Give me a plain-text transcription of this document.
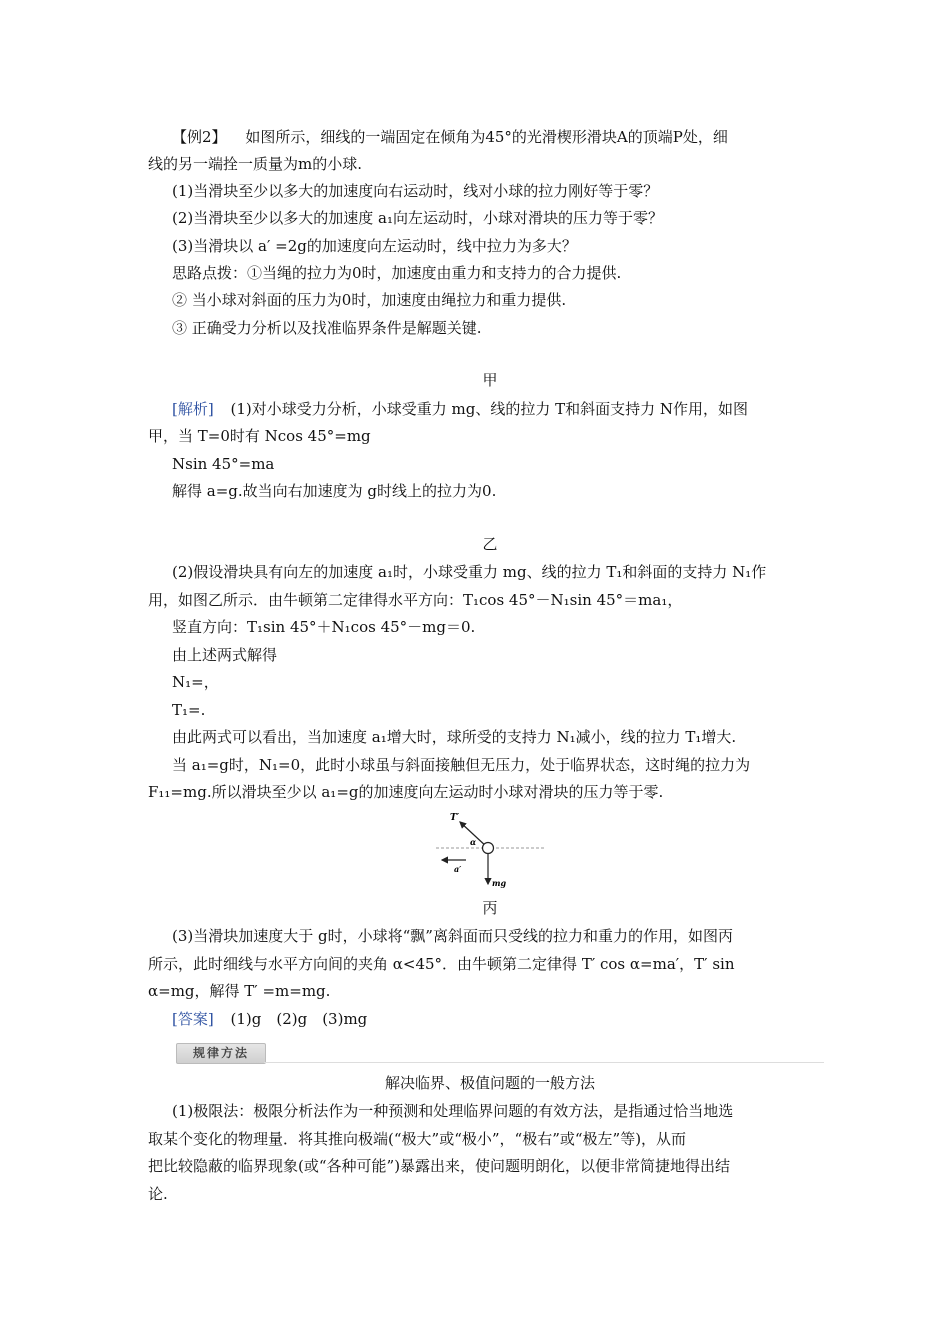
【例2】 如图所示，细线的一端固定在倾角为45°的光滑楔形滑块A的顶端P处，细
线的另一端拴一质量为m的小球.
(1)当滑块至少以多大的加速度向右运动时，线对小球的拉力刚好等于零？
(2)当滑块至少以多大的加速度 a₁向左运动时，小球对滑块的压力等于零？
(3)当滑块以 a′ =2g的加速度向左运动时，线中拉力为多大？
思路点拨：①当绳的拉力为0时，加速度由重力和支持力的合力提供.
② 当小球对斜面的压力为0时，加速度由绳拉力和重力提供.
③ 正确受力分析以及找准临界条件是解题关键.
甲
[解析] (1)对小球受力分析，小球受重力 mg、线的拉力 T和斜面支持力 N作用，如图
甲，当 T=0时有 Ncos 45°=mg
Nsin 45°=ma
解得 a=g.故当向右加速度为 g时线上的拉力为0.
乙
(2)假设滑块具有向左的加速度 a₁时，小球受重力 mg、线的拉力 T₁和斜面的支持力 N₁作
用，如图乙所示．由牛顿第二定律得水平方向：T₁cos 45°－N₁sin 45°＝ma₁，
竖直方向：T₁sin 45°＋N₁cos 45°－mg＝0.
由上述两式解得
N₁=，
T₁=.
由此两式可以看出，当加速度 a₁增大时，球所受的支持力 N₁减小，线的拉力 T₁增大.
当 a₁=g时，N₁=0，此时小球虽与斜面接触但无压力，处于临界状态，这时绳的拉力为
F₁₁=mg.所以滑块至少以 a₁=g的加速度向左运动时小球对滑块的压力等于零.
T′
α
a′
mg
丙
(3)当滑块加速度大于 g时，小球将“飘”离斜面而只受线的拉力和重力的作用，如图丙
所示，此时细线与水平方向间的夹角 α<45°．由牛顿第二定律得 T′ cos α=ma′，T′ sin
α=mg，解得 T′ =m=mg.
[答案] (1)g　(2)g　(3)mg
规律方法
解决临界、极值问题的一般方法
(1)极限法：极限分析法作为一种预测和处理临界问题的有效方法，是指通过恰当地选
取某个变化的物理量．将其推向极端(“极大”或“极小”，“极右”或“极左”等)，从而
把比较隐蔽的临界现象(或“各种可能”)暴露出来，使问题明朗化，以便非常简捷地得出结
论.
